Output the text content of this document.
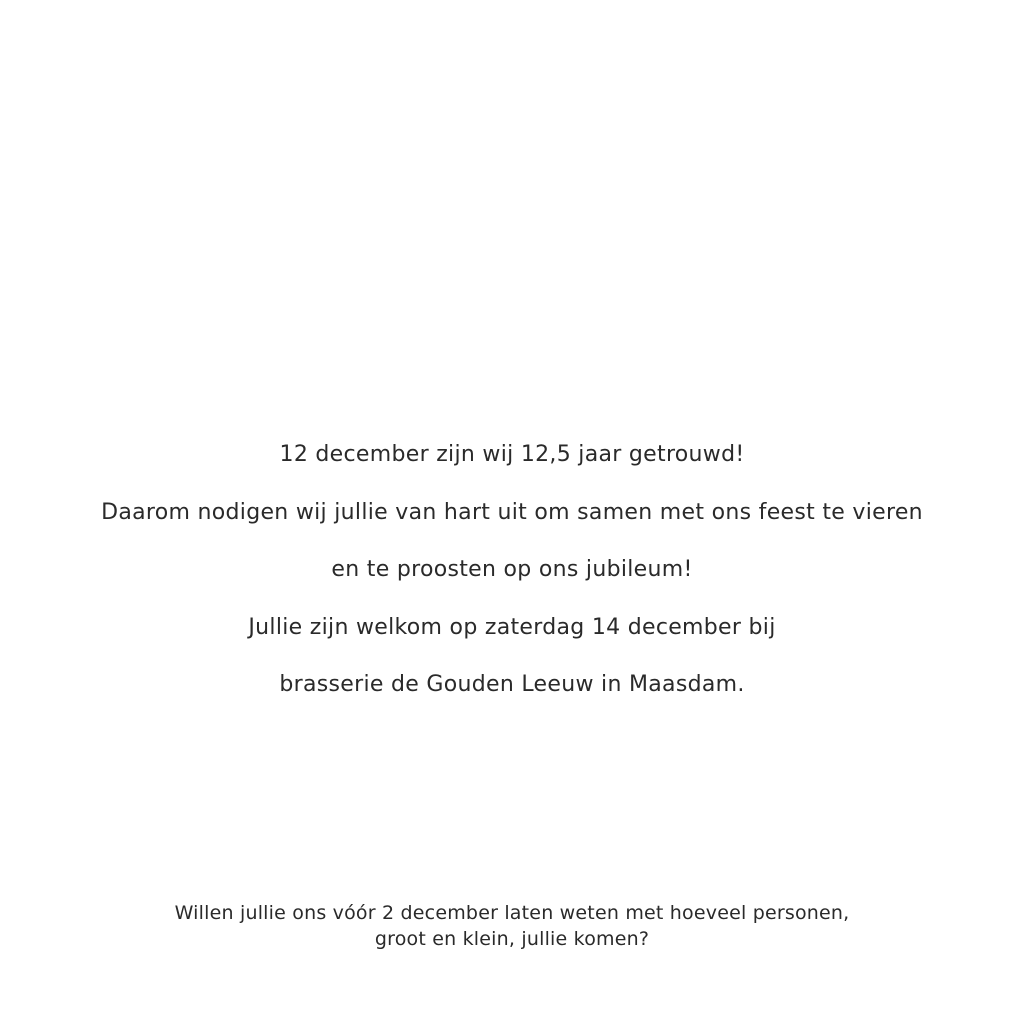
12 december zijn wij 12,5 jaar getrouwd!
Daarom nodigen wij jullie van hart uit om samen met ons feest te vieren
en te proosten op ons jubileum!
Jullie zijn welkom op zaterdag 14 december bij
brasserie de Gouden Leeuw in Maasdam.
Willen jullie ons vóór 2 december laten weten met hoeveel personen,
groot en klein, jullie komen?
